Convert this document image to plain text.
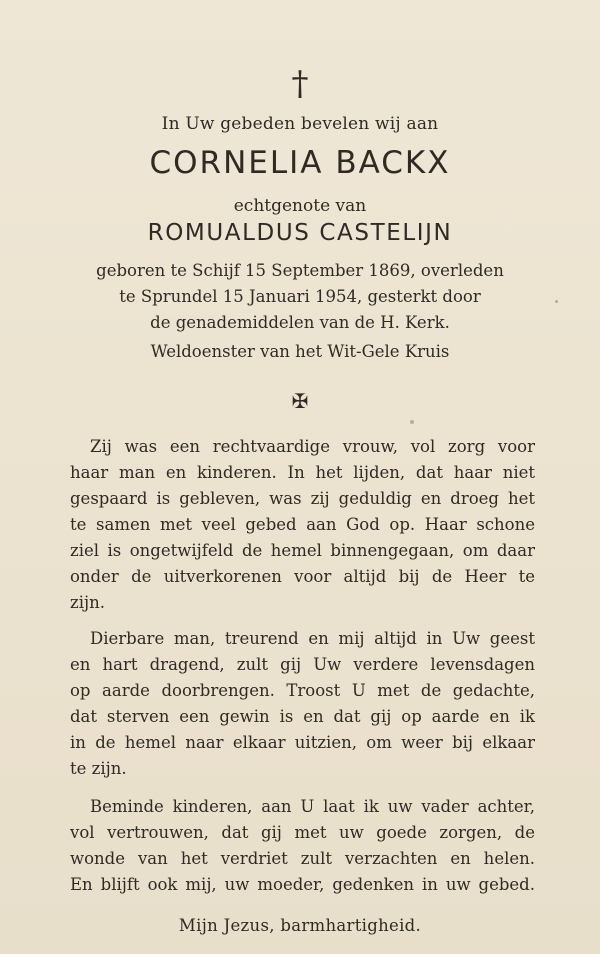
†
In Uw gebeden bevelen wij aan
CORNELIA BACKX
echtgenote van
ROMUALDUS CASTELIJN
geboren te Schijf 15 September 1869, overleden
te Sprundel 15 Januari 1954, gesterkt door
de genademiddelen van de H. Kerk.
Weldoenster van het Wit-Gele Kruis
✠
Zij was een rechtvaardige vrouw, vol zorg voor
haar man en kinderen. In het lijden, dat haar niet
gespaard is gebleven, was zij geduldig en droeg het
te samen met veel gebed aan God op. Haar schone
ziel is ongetwijfeld de hemel binnengegaan, om daar
onder de uitverkorenen voor altijd bij de Heer te
zijn.
Dierbare man, treurend en mij altijd in Uw geest
en hart dragend, zult gij Uw verdere levensdagen
op aarde doorbrengen. Troost U met de gedachte,
dat sterven een gewin is en dat gij op aarde en ik
in de hemel naar elkaar uitzien, om weer bij elkaar
te zijn.
Beminde kinderen, aan U laat ik uw vader achter,
vol vertrouwen, dat gij met uw goede zorgen, de
wonde van het verdriet zult verzachten en helen.
En blijft ook mij, uw moeder, gedenken in uw gebed.
Mijn Jezus, barmhartigheid.
